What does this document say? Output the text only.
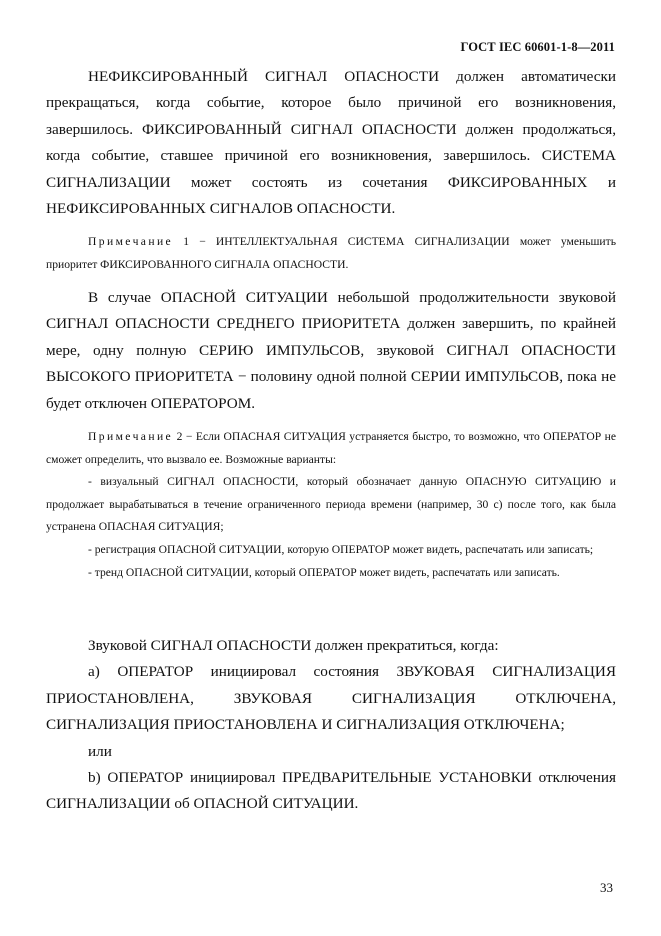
ГОСТ IEC 60601-1-8—2011

НЕФИКСИРОВАННЫЙ СИГНАЛ ОПАСНОСТИ должен автоматически прекращаться, когда событие, которое было причиной его возникновения, завершилось. ФИКСИРОВАННЫЙ СИГНАЛ ОПАСНОСТИ должен продолжаться, когда событие, ставшее причиной его возникновения, завершилось. СИСТЕМА СИГНАЛИЗАЦИИ может состоять из сочетания ФИКСИРОВАННЫХ и НЕФИКСИРОВАННЫХ СИГНАЛОВ ОПАСНОСТИ.

Примечание 1 − ИНТЕЛЛЕКТУАЛЬНАЯ СИСТЕМА СИГНАЛИЗАЦИИ может уменьшить приоритет ФИКСИРОВАННОГО СИГНАЛА ОПАСНОСТИ.

В случае ОПАСНОЙ СИТУАЦИИ небольшой продолжительности звуковой СИГНАЛ ОПАСНОСТИ СРЕДНЕГО ПРИОРИТЕТА должен завершить, по крайней мере, одну полную СЕРИЮ ИМПУЛЬСОВ, звуковой СИГНАЛ ОПАСНОСТИ ВЫСОКОГО ПРИОРИТЕТА − половину одной полной СЕРИИ ИМПУЛЬСОВ, пока не будет отключен ОПЕРАТОРОМ.

Примечание 2 − Если ОПАСНАЯ СИТУАЦИЯ устраняется быстро, то возможно, что ОПЕРАТОР не сможет определить, что вызвало ее. Возможные варианты:

- визуальный СИГНАЛ ОПАСНОСТИ, который обозначает данную ОПАСНУЮ СИТУАЦИЮ и продолжает вырабатываться в течение ограниченного периода времени (например, 30 с) после того, как была устранена ОПАСНАЯ СИТУАЦИЯ;

- регистрация ОПАСНОЙ СИТУАЦИИ, которую ОПЕРАТОР может видеть, распечатать или записать;

- тренд ОПАСНОЙ СИТУАЦИИ, который ОПЕРАТОР может видеть, распечатать или записать.

Звуковой СИГНАЛ ОПАСНОСТИ должен прекратиться, когда:

a) ОПЕРАТОР инициировал состояния ЗВУКОВАЯ СИГНАЛИЗАЦИЯ ПРИОСТАНОВЛЕНА, ЗВУКОВАЯ СИГНАЛИЗАЦИЯ ОТКЛЮЧЕНА, СИГНАЛИЗАЦИЯ ПРИОСТАНОВЛЕНА И СИГНАЛИЗАЦИЯ ОТКЛЮЧЕНА;

или

b) ОПЕРАТОР инициировал ПРЕДВАРИТЕЛЬНЫЕ УСТАНОВКИ отключения СИГНАЛИЗАЦИИ об ОПАСНОЙ СИТУАЦИИ.

33
